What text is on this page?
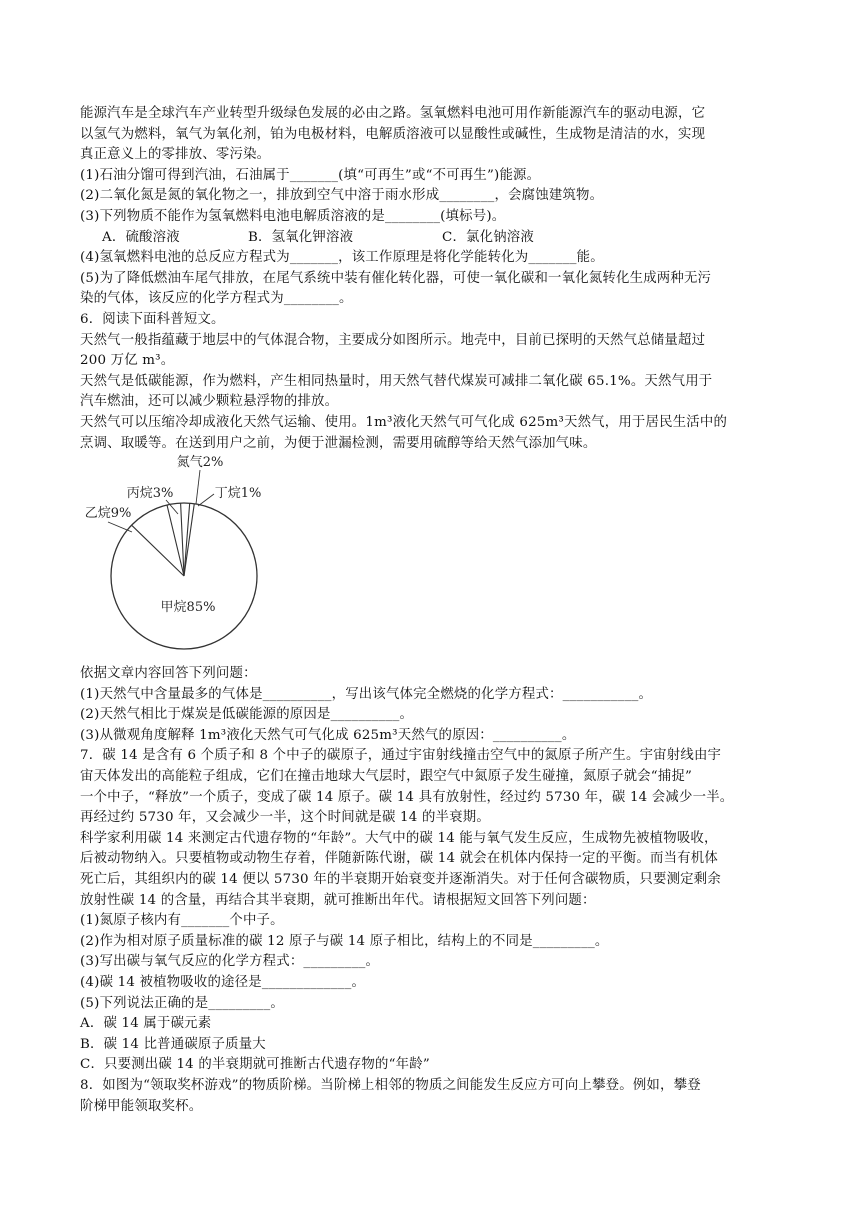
能源汽车是全球汽车产业转型升级绿色发展的必由之路。氢氧燃料电池可用作新能源汽车的驱动电源，它
以氢气为燃料，氧气为氧化剂，铂为电极材料，电解质溶液可以显酸性或碱性，生成物是清洁的水，实现
真正意义上的零排放、零污染。
(1)石油分馏可得到汽油，石油属于_______(填“可再生”或“不可再生”)能源。
(2)二氧化氮是氮的氧化物之一，排放到空气中溶于雨水形成________，会腐蚀建筑物。
(3)下列物质不能作为氢氧燃料电池电解质溶液的是________(填标号)。
A．硫酸溶液	B．氢氧化钾溶液	C．氯化钠溶液
(4)氢氧燃料电池的总反应方程式为_______，该工作原理是将化学能转化为_______能。
(5)为了降低燃油车尾气排放，在尾气系统中装有催化转化器，可使一氧化碳和一氧化氮转化生成两种无污
染的气体，该反应的化学方程式为________。
6．阅读下面科普短文。
天然气一般指蕴藏于地层中的气体混合物，主要成分如图所示。地壳中，目前已探明的天然气总储量超过
200 万亿 m³。
天然气是低碳能源，作为燃料，产生相同热量时，用天然气替代煤炭可减排二氧化碳 65.1%。天然气用于
汽车燃油，还可以减少颗粒悬浮物的排放。
天然气可以压缩冷却成液化天然气运输、使用。1m³液化天然气可气化成 625m³天然气，用于居民生活中的
烹调、取暖等。在送到用户之前，为便于泄漏检测，需要用硫醇等给天然气添加气味。
甲烷85%
乙烷9%
丙烷3%
氮气2%
丁烷1%
依据文章内容回答下列问题：
(1)天然气中含量最多的气体是__________，写出该气体完全燃烧的化学方程式：___________。
(2)天然气相比于煤炭是低碳能源的原因是__________。
(3)从微观角度解释 1m³液化天然气可气化成 625m³天然气的原因：__________。
7．碳 14 是含有 6 个质子和 8 个中子的碳原子，通过宇宙射线撞击空气中的氮原子所产生。宇宙射线由宇
宙天体发出的高能粒子组成，它们在撞击地球大气层时，跟空气中氮原子发生碰撞，氮原子就会“捕捉”
一个中子，“释放”一个质子，变成了碳 14 原子。碳 14 具有放射性，经过约 5730 年，碳 14 会减少一半。
再经过约 5730 年，又会减少一半，这个时间就是碳 14 的半衰期。
科学家利用碳 14 来测定古代遗存物的“年龄”。大气中的碳 14 能与氧气发生反应，生成物先被植物吸收，
后被动物纳入。只要植物或动物生存着，伴随新陈代谢，碳 14 就会在机体内保持一定的平衡。而当有机体
死亡后，其组织内的碳 14 便以 5730 年的半衰期开始衰变并逐渐消失。对于任何含碳物质，只要测定剩余
放射性碳 14 的含量，再结合其半衰期，就可推断出年代。请根据短文回答下列问题：
(1)氮原子核内有_______个中子。
(2)作为相对原子质量标准的碳 12 原子与碳 14 原子相比，结构上的不同是_________。
(3)写出碳与氧气反应的化学方程式：_________。
(4)碳 14 被植物吸收的途径是_____________。
(5)下列说法正确的是_________。
A．碳 14 属于碳元素
B．碳 14 比普通碳原子质量大
C．只要测出碳 14 的半衰期就可推断古代遗存物的“年龄”
8．如图为“领取奖杯游戏”的物质阶梯。当阶梯上相邻的物质之间能发生反应方可向上攀登。例如，攀登
阶梯甲能领取奖杯。
